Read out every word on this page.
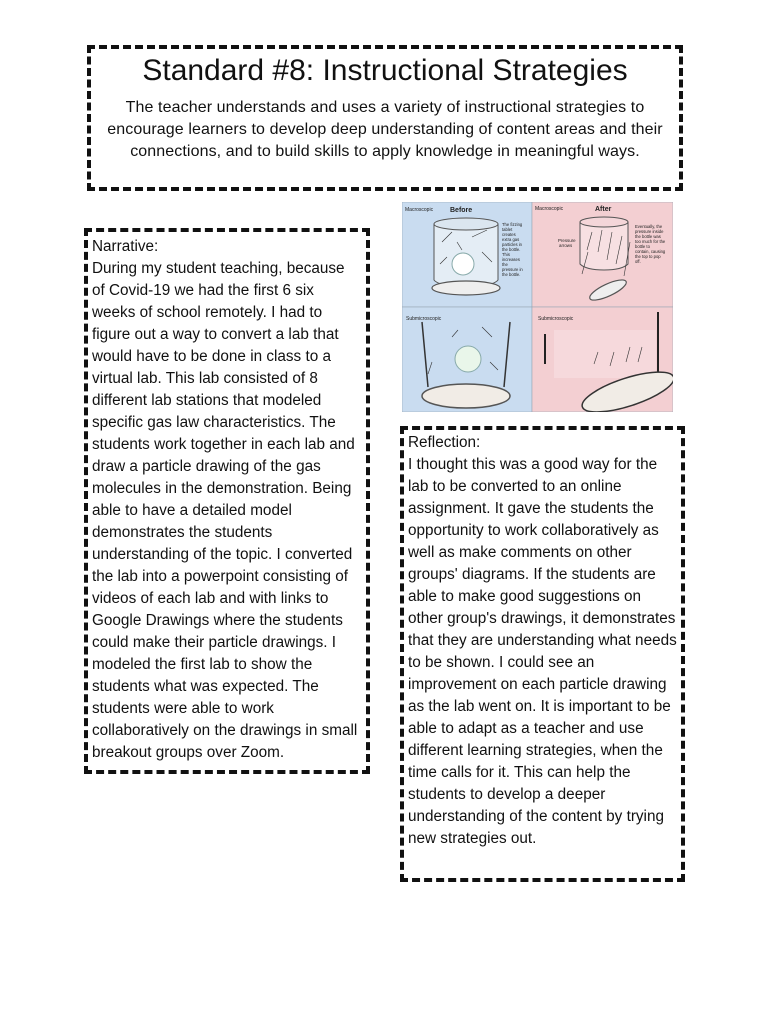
Standard #8: Instructional Strategies
The teacher understands and uses a variety of instructional strategies to encourage learners to develop deep understanding of content areas and their connections, and to build skills to apply knowledge in meaningful ways.
Narrative:
During my student teaching, because of Covid-19 we had the first 6 six weeks of school remotely. I had to figure out a way to convert a lab that would have to be done in class to a virtual lab. This lab consisted of 8 different lab stations that modeled specific gas law characteristics. The students work together in each lab and draw a particle drawing of the gas molecules in the demonstration. Being able to have a detailed model demonstrates the students understanding of the topic. I converted the lab into a powerpoint consisting of videos of each lab and with links to Google Drawings where the students could make their particle drawings. I modeled the first lab to show the students what was expected. The students were able to work collaboratively on the drawings in small breakout groups over Zoom.
Macroscopic Before	Macroscopic	After
Submicroscopic	Submicroscopic
The fizzing
tablet
creates
extra gas
particles in
the bottle.
This
increases
the
pressure in
the bottle.
Pressure
arrows
Eventually, the
pressure inside
the bottle was
too much for the
bottle to
contain, causing
the top to pop
off.
Reflection:
I thought this was a good way for the lab to be converted to an online assignment. It gave the students the opportunity to work collaboratively as well as make comments on other groups' diagrams. If the students are able to make good suggestions on other group's drawings, it demonstrates that they are understanding what needs to be shown. I could see an improvement on each particle drawing as the lab went on. It is important to be able to adapt as a teacher and use different learning strategies, when the time calls for it. This can help the students to develop a deeper understanding of the content by trying new strategies out.
